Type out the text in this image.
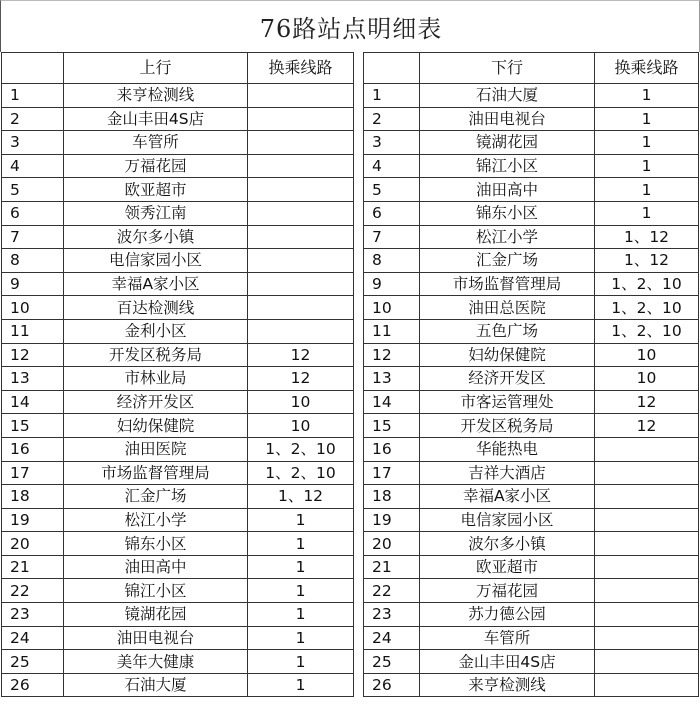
76路站点明细表
	上行	换乘线路			下行	换乘线路
1	来亨检测线			1	石油大厦	1
2	金山丰田4S店			2	油田电视台	1
3	车管所			3	镜湖花园	1
4	万福花园			4	锦江小区	1
5	欧亚超市			5	油田高中	1
6	领秀江南			6	锦东小区	1
7	波尔多小镇			7	松江小学	1、12
8	电信家园小区			8	汇金广场	1、12
9	幸福A家小区			9	市场监督管理局	1、2、10
10	百达检测线			10	油田总医院	1、2、10
11	金利小区			11	五色广场	1、2、10
12	开发区税务局	12		12	妇幼保健院	10
13	市林业局	12		13	经济开发区	10
14	经济开发区	10		14	市客运管理处	12
15	妇幼保健院	10		15	开发区税务局	12
16	油田医院	1、2、10		16	华能热电	
17	市场监督管理局	1、2、10		17	吉祥大酒店	
18	汇金广场	1、12		18	幸福A家小区	
19	松江小学	1		19	电信家园小区	
20	锦东小区	1		20	波尔多小镇	
21	油田高中	1		21	欧亚超市	
22	锦江小区	1		22	万福花园	
23	镜湖花园	1		23	苏力德公园	
24	油田电视台	1		24	车管所	
25	美年大健康	1		25	金山丰田4S店	
26	石油大厦	1		26	来亨检测线	
